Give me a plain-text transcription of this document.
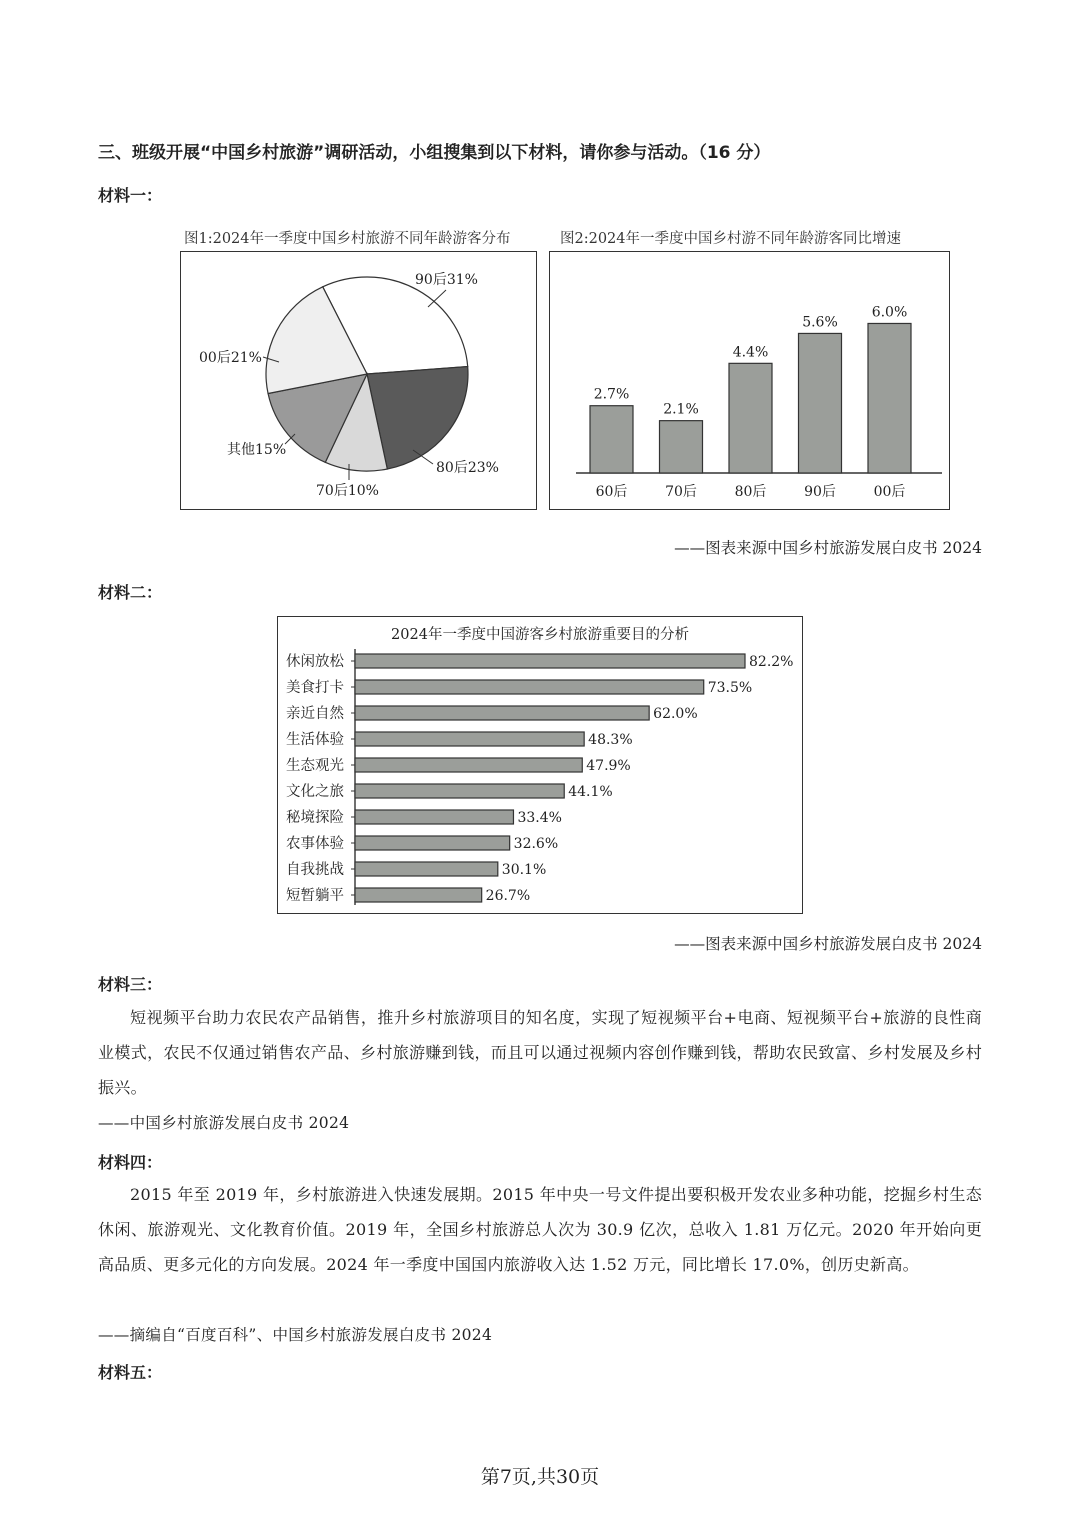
三、班级开展“中国乡村旅游”调研活动，小组搜集到以下材料，请你参与活动。（16 分）
材料一：
图1:2024年一季度中国乡村旅游不同年龄游客分布
90后31%
80后23%
70后10%
其他15%
00后21%
图2:2024年一季度中国乡村游不同年龄游客同比增速
2.7%
60后
2.1%
70后
4.4%
80后
5.6%
90后
6.0%
00后
——图表来源中国乡村旅游发展白皮书 2024
材料二：
2024年一季度中国游客乡村旅游重要目的分析
休闲放松	82.2%
美食打卡	73.5%
亲近自然	62.0%
生活体验	48.3%
生态观光	47.9%
文化之旅	44.1%
秘境探险	33.4%
农事体验	32.6%
自我挑战	30.1%
短暂躺平	26.7%
——图表来源中国乡村旅游发展白皮书 2024
材料三：

短视频平台助力农民农产品销售，推升乡村旅游项目的知名度，实现了短视频平台+电商、短视频平台+旅游的良性商业模式，农民不仅通过销售农产品、乡村旅游赚到钱，而且可以通过视频内容创作赚到钱，帮助农民致富、乡村发展及乡村振兴。

——中国乡村旅游发展白皮书 2024
材料四：

2015 年至 2019 年，乡村旅游进入快速发展期。2015 年中央一号文件提出要积极开发农业多种功能，挖掘乡村生态休闲、旅游观光、文化教育价值。2019 年，全国乡村旅游总人次为 30.9 亿次，总收入 1.81 万亿元。2020 年开始向更高品质、更多元化的方向发展。2024 年一季度中国国内旅游收入达 1.52 万元，同比增长 17.0%，创历史新高。

——摘编自“百度百科”、中国乡村旅游发展白皮书 2024
材料五：
第7页,共30页
